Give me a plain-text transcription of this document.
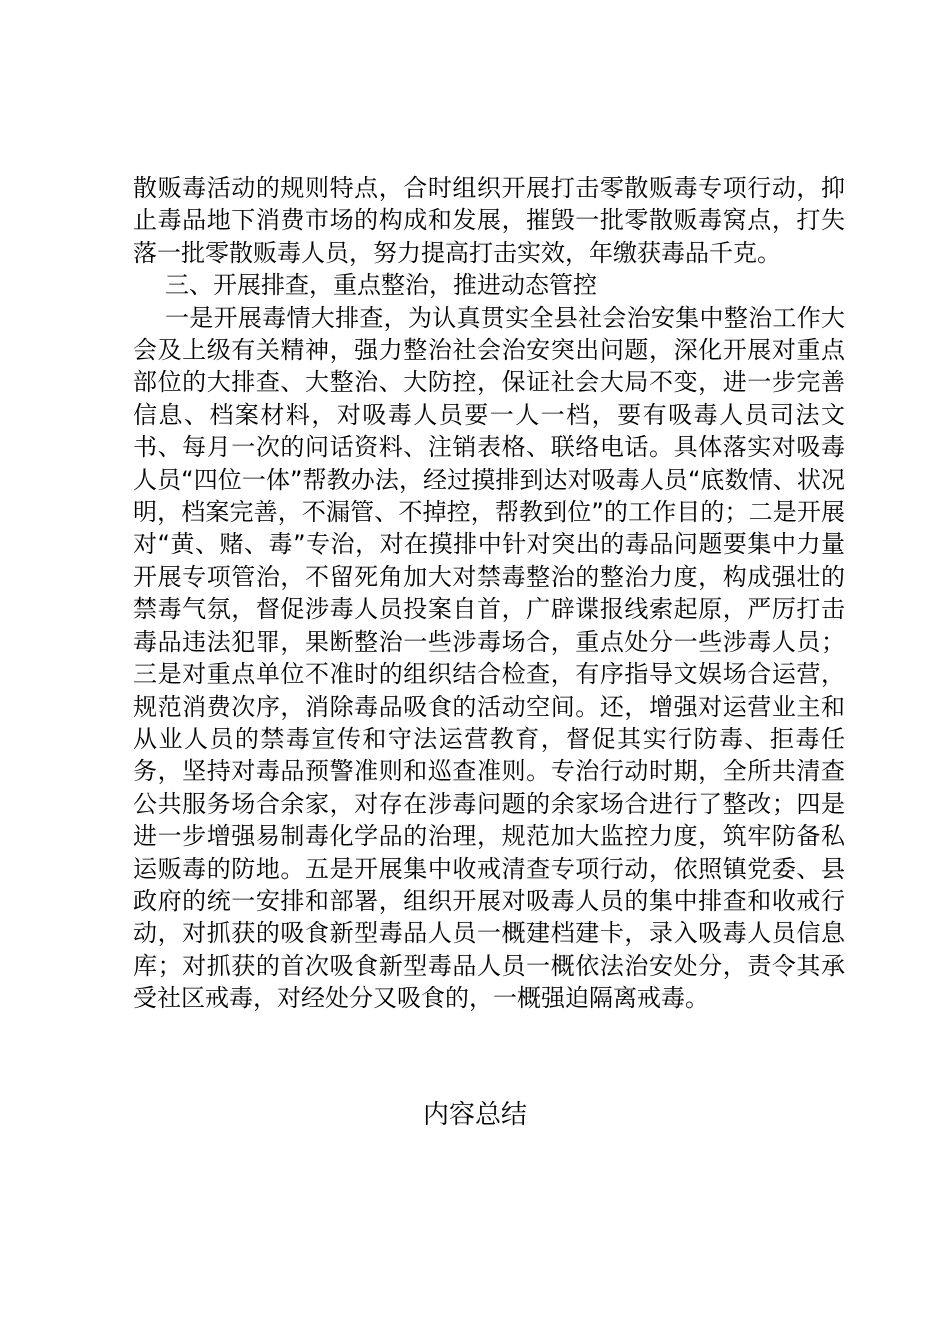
散贩毒活动的规则特点，合时组织开展打击零散贩毒专项行动，抑止毒品地下消费市场的构成和发展，摧毁一批零散贩毒窝点，打失落一批零散贩毒人员，努力提高打击实效，年缴获毒品千克。

三、开展排查，重点整治，推进动态管控

一是开展毒情大排查，为认真贯实全县社会治安集中整治工作大会及上级有关精神，强力整治社会治安突出问题，深化开展对重点部位的大排查、大整治、大防控，保证社会大局不变，进一步完善信息、档案材料，对吸毒人员要一人一档，要有吸毒人员司法文书、每月一次的问话资料、注销表格、联络电话。具体落实对吸毒人员“四位一体”帮教办法，经过摸排到达对吸毒人员“底数情、状况明，档案完善，不漏管、不掉控，帮教到位”的工作目的；二是开展对“黄、赌、毒”专治，对在摸排中针对突出的毒品问题要集中力量开展专项管治，不留死角加大对禁毒整治的整治力度，构成强壮的禁毒气氛，督促涉毒人员投案自首，广辟谍报线索起原，严厉打击毒品违法犯罪，果断整治一些涉毒场合，重点处分一些涉毒人员；三是对重点单位不准时的组织结合检查，有序指导文娱场合运营，规范消费次序，消除毒品吸食的活动空间。还，增强对运营业主和从业人员的禁毒宣传和守法运营教育，督促其实行防毒、拒毒任务，坚持对毒品预警准则和巡查准则。专治行动时期，全所共清查公共服务场合余家，对存在涉毒问题的余家场合进行了整改；四是进一步增强易制毒化学品的治理，规范加大监控力度，筑牢防备私运贩毒的防地。五是开展集中收戒清查专项行动，依照镇党委、县政府的统一安排和部署，组织开展对吸毒人员的集中排查和收戒行动，对抓获的吸食新型毒品人员一概建档建卡，录入吸毒人员信息库；对抓获的首次吸食新型毒品人员一概依法治安处分，责令其承受社区戒毒，对经处分又吸食的，一概强迫隔离戒毒。

内容总结
